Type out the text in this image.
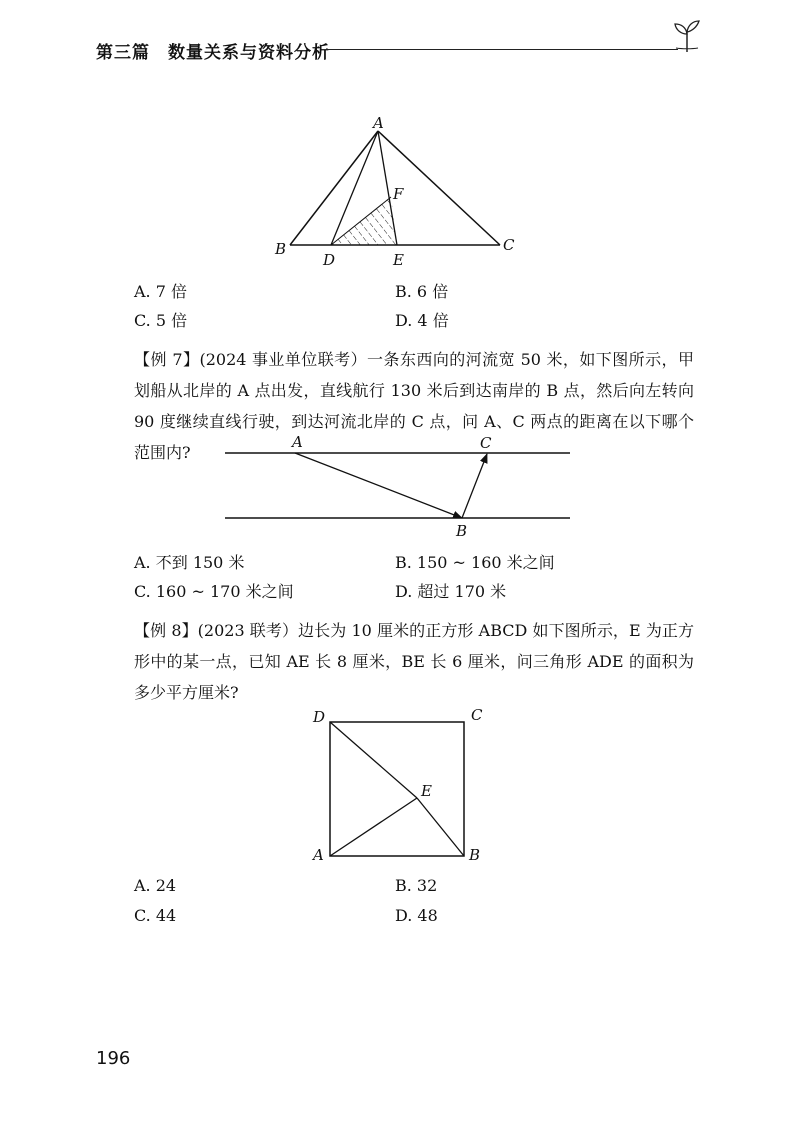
第三篇　数量关系与资料分析
A
B	C
D	E
F
A. 7 倍	B. 6 倍
C. 5 倍	D. 4 倍
【例 7】(2024 事业单位联考）一条东西向的河流宽 50 米，如下图所示，甲划船从北岸的 A 点出发，直线航行 130 米后到达南岸的 B 点，然后向左转向 90 度继续直线行驶，到达河流北岸的 C 点，问 A、C 两点的距离在以下哪个范围内?
A	C
B
A. 不到 150 米	B. 150 ~ 160 米之间
C. 160 ~ 170 米之间	D. 超过 170 米
【例 8】(2023 联考）边长为 10 厘米的正方形 ABCD 如下图所示，E 为正方形中的某一点，已知 AE 长 8 厘米，BE 长 6 厘米，问三角形 ADE 的面积为多少平方厘米?
D	C
E
A	B
A. 24	B. 32
C. 44	D. 48
196
